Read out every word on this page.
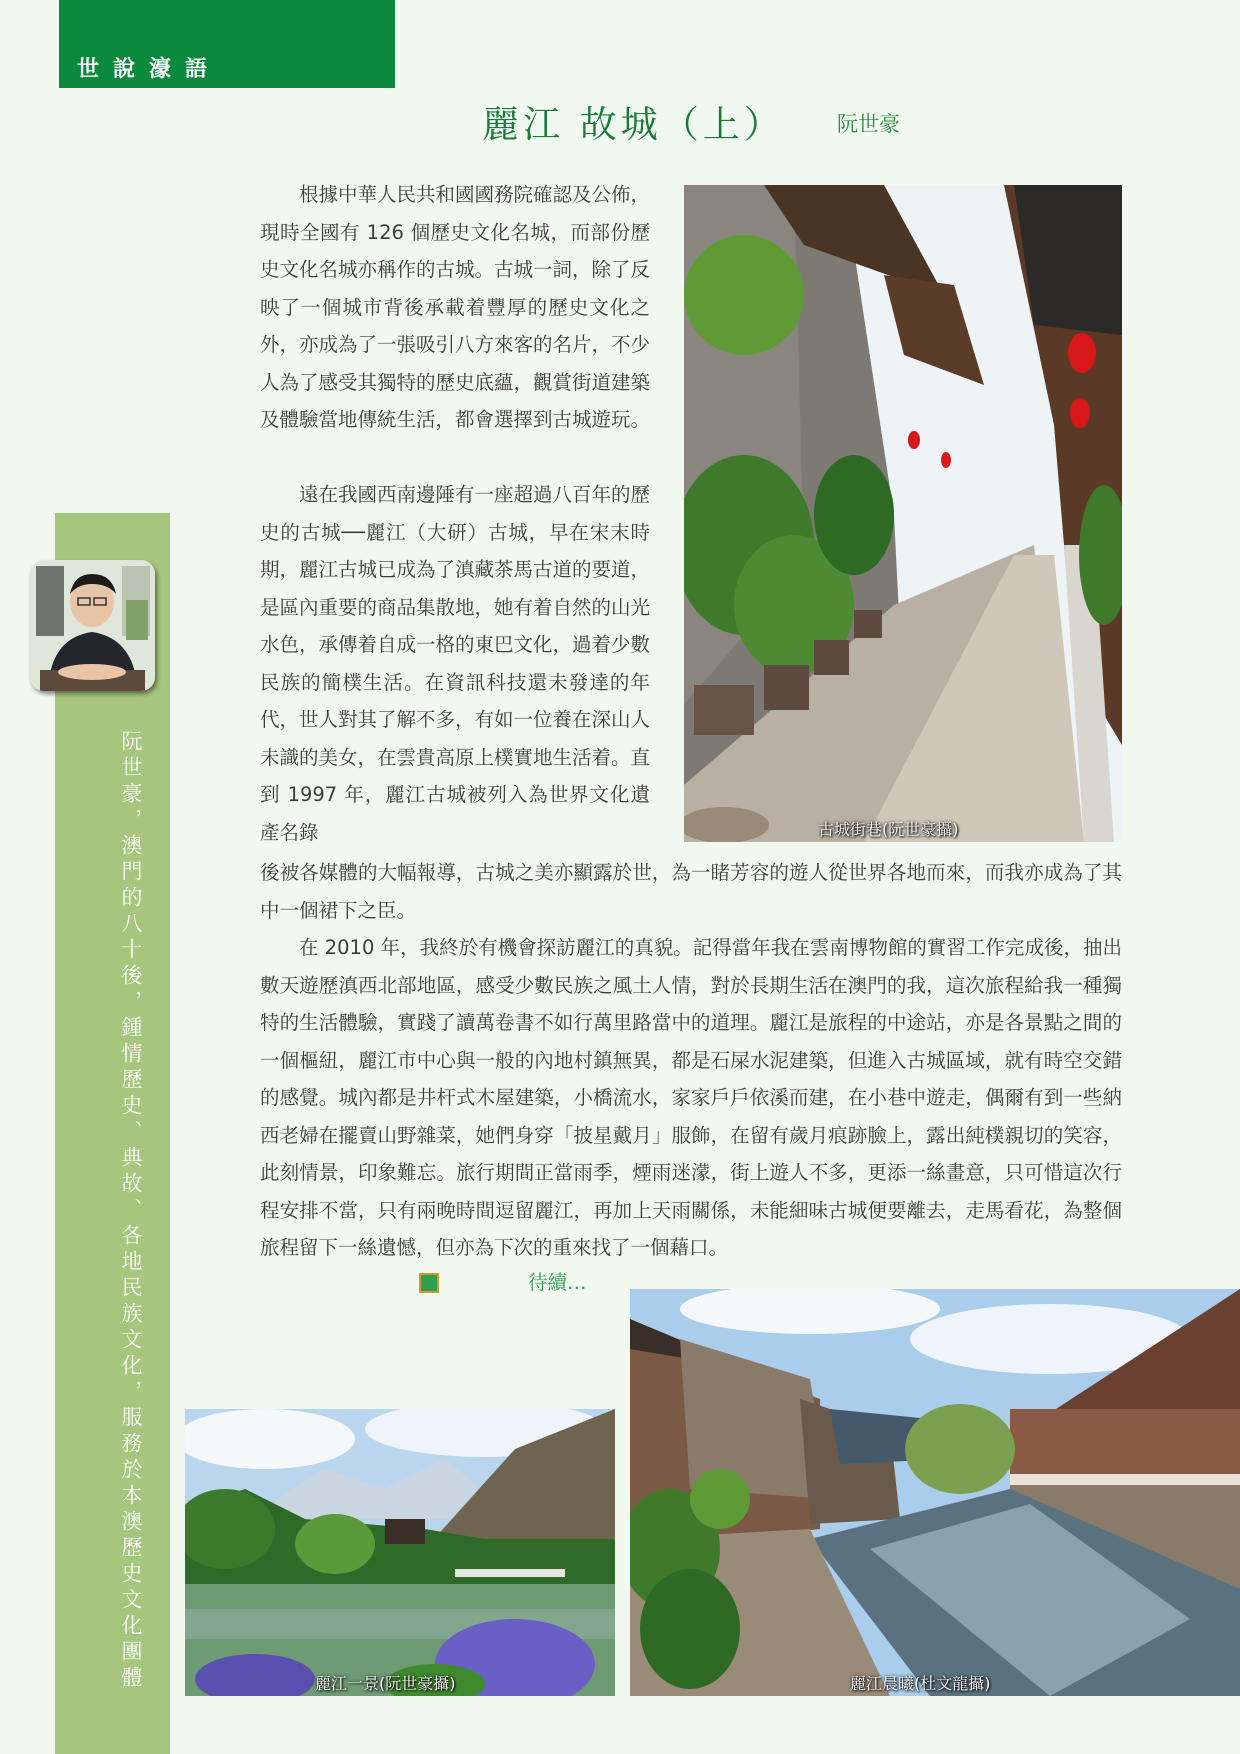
世說濠語
麗江 故城（上） 阮世豪
阮世豪，澳門的八十後，鍾情歷史、典故、各地民族文化，服務於本澳歷史文化團體	古城街巷(阮世豪攝)

根據中華人民共和國國務院確認及公佈，現時全國有 126 個歷史文化名城，而部份歷史文化名城亦稱作的古城。古城一詞，除了反映了一個城市背後承載着豐厚的歷史文化之外，亦成為了一張吸引八方來客的名片，不少人為了感受其獨特的歷史底蘊，觀賞街道建築及體驗當地傳統生活，都會選擇到古城遊玩。

遠在我國西南邊陲有一座超過八百年的歷史的古城──麗江（大研）古城，早在宋末時期，麗江古城已成為了滇藏茶馬古道的要道，是區內重要的商品集散地，她有着自然的山光水色，承傳着自成一格的東巴文化，過着少數民族的簡樸生活。在資訊科技還未發達的年代，世人對其了解不多，有如一位養在深山人未識的美女，在雲貴高原上樸實地生活着。直到 1997 年，麗江古城被列入為世界文化遺產名錄

後被各媒體的大幅報導，古城之美亦顯露於世，為一睹芳容的遊人從世界各地而來，而我亦成為了其中一個裙下之臣。

在 2010 年，我終於有機會探訪麗江的真貌。記得當年我在雲南博物館的實習工作完成後，抽出數天遊歷滇西北部地區，感受少數民族之風土人情，對於長期生活在澳門的我，這次旅程給我一種獨特的生活體驗，實踐了讀萬卷書不如行萬里路當中的道理。麗江是旅程的中途站，亦是各景點之間的一個樞紐，麗江市中心與一般的內地村鎮無異，都是石屎水泥建築，但進入古城區域，就有時空交錯的感覺。城內都是井杆式木屋建築，小橋流水，家家戶戶依溪而建，在小巷中遊走，偶爾有到一些納西老婦在擺賣山野雜菜，她們身穿「披星戴月」服飾，在留有歲月痕跡臉上，露出純樸親切的笑容，此刻情景，印象難忘。旅行期間正當雨季，煙雨迷濛，街上遊人不多，更添一絲畫意，只可惜這次行程安排不當，只有兩晚時間逗留麗江，再加上天雨關係，未能細味古城便要離去，走馬看花，為整個旅程留下一絲遺憾，但亦為下次的重來找了一個藉口。

待續…
麗江一景(阮世豪攝)	麗江晨曦(杜文龍攝)
